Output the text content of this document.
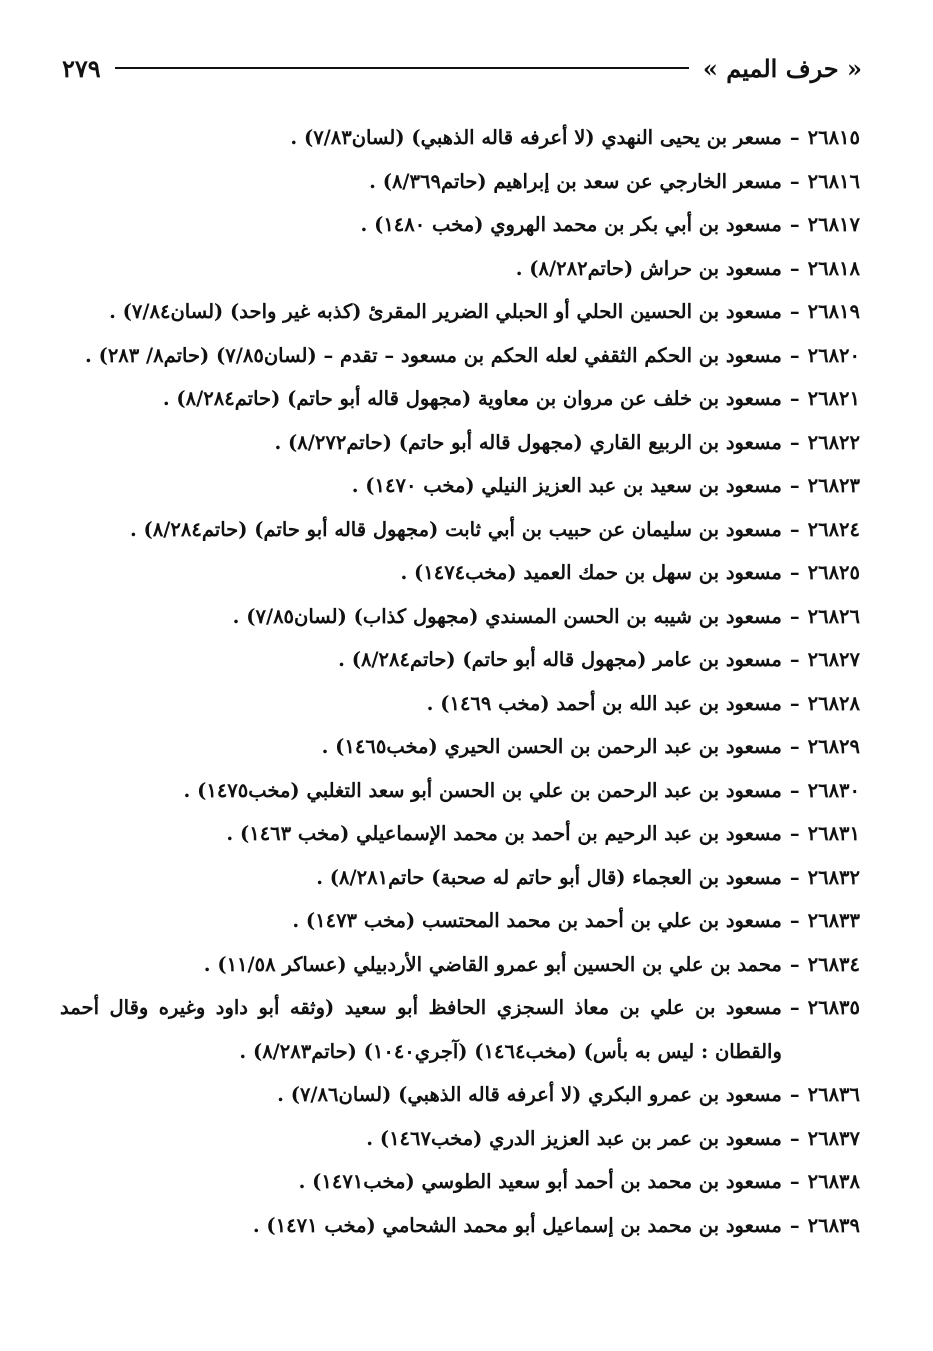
« حرف الميم »
٢٧٩
٢٦٨١٥
–
مسعر بن يحيى النهدي (لا أعرفه قاله الذهبي) (لسان٧/٨٣) .
٢٦٨١٦
–
مسعر الخارجي عن سعد بن إبراهيم (حاتم٨/٣٦٩) .
٢٦٨١٧
–
مسعود بن أبي بكر بن محمد الهروي (مخب ١٤٨٠) .
٢٦٨١٨
–
مسعود بن حراش (حاتم٨/٢٨٢) .
٢٦٨١٩
–
مسعود بن الحسين الحلي أو الحبلي الضرير المقرئ (كذبه غير واحد) (لسان٧/٨٤) .
٢٦٨٢٠
–
مسعود بن الحكم الثقفي لعله الحكم بن مسعود – تقدم – (لسان٧/٨٥) (حاتم٨/ ٢٨٣) .
٢٦٨٢١
–
مسعود بن خلف عن مروان بن معاوية (مجهول قاله أبو حاتم) (حاتم٨/٢٨٤) .
٢٦٨٢٢
–
مسعود بن الربيع القاري (مجهول قاله أبو حاتم) (حاتم٨/٢٧٢) .
٢٦٨٢٣
–
مسعود بن سعيد بن عبد العزيز النيلي (مخب ١٤٧٠) .
٢٦٨٢٤
–
مسعود بن سليمان عن حبيب بن أبي ثابت (مجهول قاله أبو حاتم) (حاتم٨/٢٨٤) .
٢٦٨٢٥
–
مسعود بن سهل بن حمك العميد (مخب١٤٧٤) .
٢٦٨٢٦
–
مسعود بن شيبه بن الحسن المسندي (مجهول كذاب) (لسان٧/٨٥) .
٢٦٨٢٧
–
مسعود بن عامر (مجهول قاله أبو حاتم) (حاتم٨/٢٨٤) .
٢٦٨٢٨
–
مسعود بن عبد الله بن أحمد (مخب ١٤٦٩) .
٢٦٨٢٩
–
مسعود بن عبد الرحمن بن الحسن الحيري (مخب١٤٦٥) .
٢٦٨٣٠
–
مسعود بن عبد الرحمن بن علي بن الحسن أبو سعد التغلبي (مخب١٤٧٥) .
٢٦٨٣١
–
مسعود بن عبد الرحيم بن أحمد بن محمد الإسماعيلي (مخب ١٤٦٣) .
٢٦٨٣٢
–
مسعود بن العجماء (قال أبو حاتم له صحبة) حاتم٨/٢٨١) .
٢٦٨٣٣
–
مسعود بن علي بن أحمد بن محمد المحتسب (مخب ١٤٧٣) .
٢٦٨٣٤
–
محمد بن علي بن الحسين أبو عمرو القاضي الأردبيلي (عساكر ١١/٥٨) .
٢٦٨٣٥
–
مسعود بن علي بن معاذ السجزي الحافظ أبو سعيد (وثقه أبو داود وغيره وقال أحمد والقطان : ليس به بأس) (مخب١٤٦٤) (آجري١٠٤٠) (حاتم٨/٢٨٣) .
٢٦٨٣٦
–
مسعود بن عمرو البكري (لا أعرفه قاله الذهبي) (لسان٧/٨٦) .
٢٦٨٣٧
–
مسعود بن عمر بن عبد العزيز الدري (مخب١٤٦٧) .
٢٦٨٣٨
–
مسعود بن محمد بن أحمد أبو سعيد الطوسي (مخب١٤٧١) .
٢٦٨٣٩
–
مسعود بن محمد بن إسماعيل أبو محمد الشحامي (مخب ١٤٧١) .
